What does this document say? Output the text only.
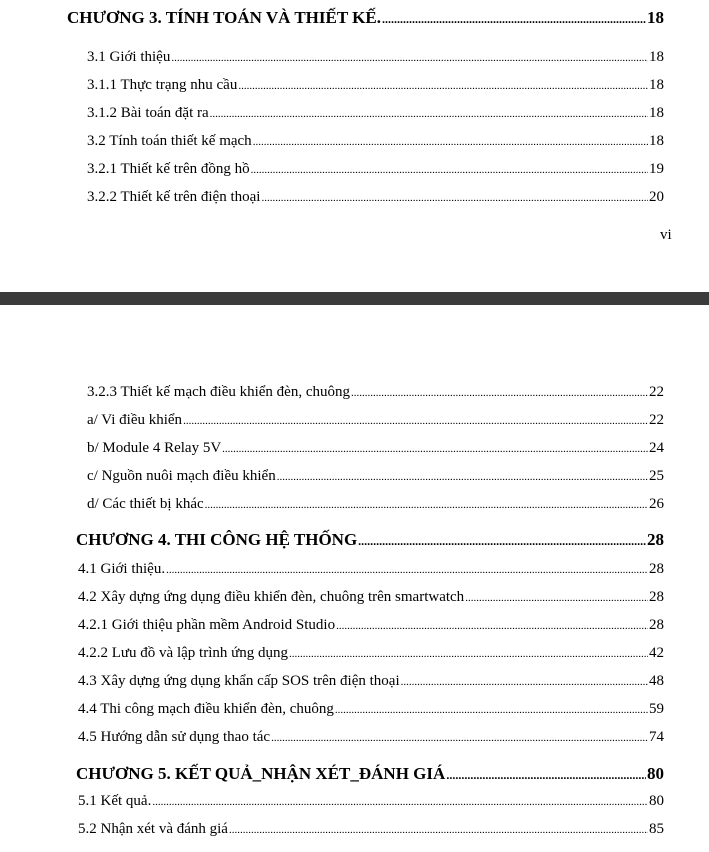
CHƯƠNG 3. TÍNH TOÁN VÀ THIẾT KẾ. .....	18
3.1 Giới thiệu .....	18
3.1.1 Thực trạng nhu cầu .....	18
3.1.2 Bài toán đặt ra .....	18
3.2 Tính toán thiết kế mạch .....	18
3.2.1 Thiết kế trên đồng hồ .....	19
3.2.2 Thiết kế trên điện thoại .....	20
vi
3.2.3 Thiết kế mạch điều khiển đèn, chuông .....	22
a/ Vi điều khiển .....	22
b/ Module 4 Relay 5V .....	24
c/ Nguồn nuôi mạch điều khiển .....	25
d/ Các thiết bị khác .....	26
CHƯƠNG 4. THI CÔNG HỆ THỐNG .....	28
4.1 Giới thiệu. .....	28
4.2 Xây dựng ứng dụng điều khiển đèn, chuông trên smartwatch .....	28
4.2.1 Giới thiệu phần mềm Android Studio .....	28
4.2.2 Lưu đồ và lập trình ứng dụng .....	42
4.3 Xây dựng ứng dụng khẩn cấp SOS trên điện thoại .....	48
4.4 Thi công mạch điều khiển đèn, chuông .....	59
4.5 Hướng dẫn sử dụng thao tác .....	74
CHƯƠNG 5. KẾT QUẢ_NHẬN XÉT_ĐÁNH GIÁ .....	80
5.1 Kết quả. .....	80
5.2 Nhận xét và đánh giá .....	85
